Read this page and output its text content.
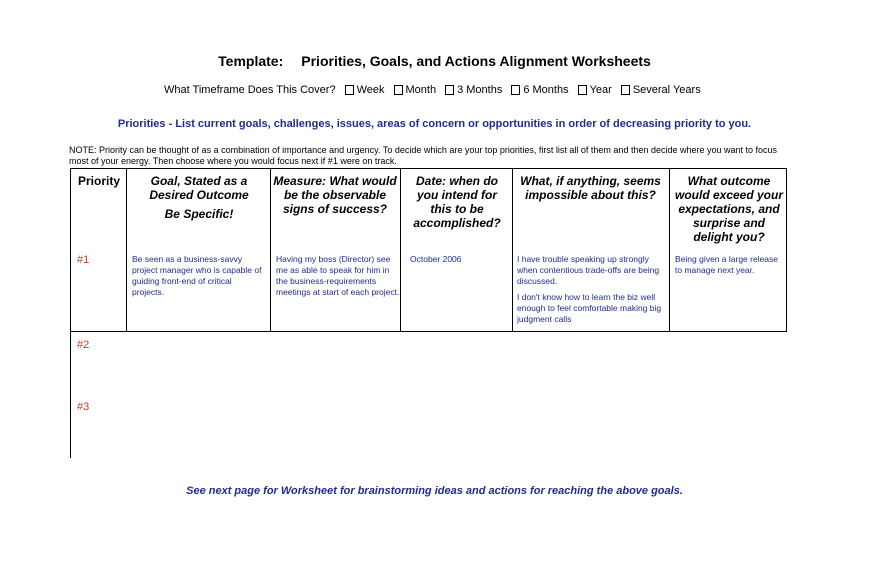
Template: Priorities, Goals, and Actions Alignment Worksheets
What Timeframe Does This Cover? Week Month 3 Months 6 Months Year Several Years
Priorities - List current goals, challenges, issues, areas of concern or opportunities in order of decreasing priority to you.
NOTE: Priority can be thought of as a combination of importance and urgency. To decide which are your top priorities, first list all of them and then decide where you want to focus most of your energy. Then choose where you would focus next if #1 were on track.
Priority	Goal, Stated as a Desired Outcome
Be Specific!
Measure: What would be the observable signs of success?
Date: when do you intend for this to be accomplished?
What, if anything, seems impossible about this?
What outcome would exceed your expectations, and surprise and delight you?
#1
#2
#3
Be seen as a business-savvy project manager who is capable of guiding front-end of critical projects.
Having my boss (Director) see me as able to speak for him in the business-requirements meetings at start of each project.
October 2006	I have trouble speaking up strongly when contentious trade-offs are being discussed.

I don't know how to learn the biz well enough to feel comfortable making big judgment calls

Being given a large release to manage next year.
See next page for Worksheet for brainstorming ideas and actions for reaching the above goals.
